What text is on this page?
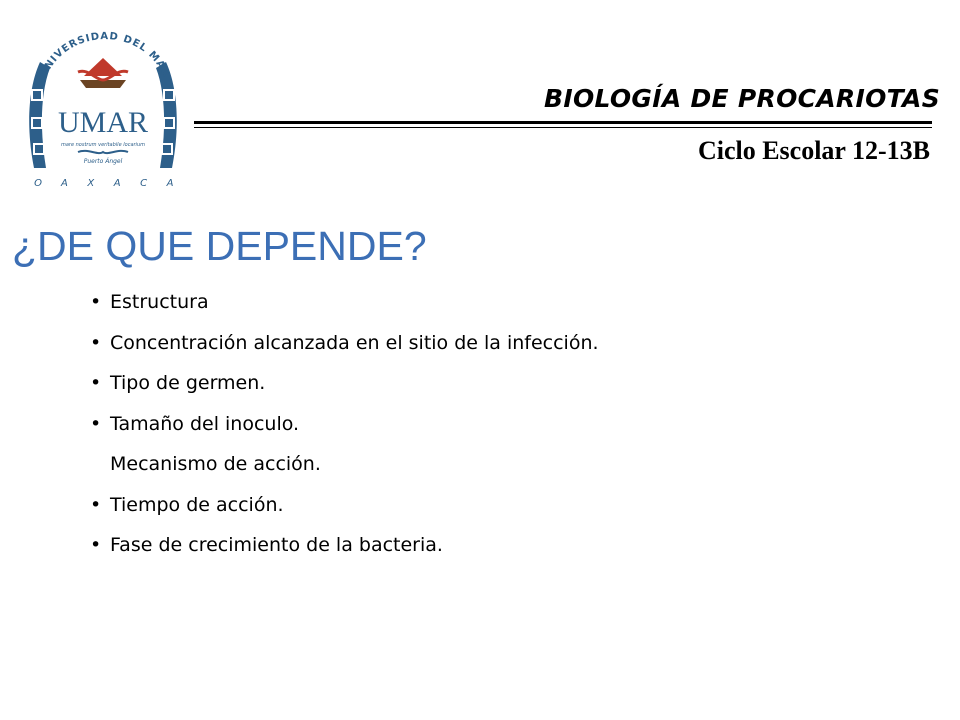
UNIVERSIDAD DEL MAR
UMAR
mare nostrum veritabile locarium
Puerto Ángel
O A X A C A
BIOLOGÍA DE PROCARIOTAS
Ciclo Escolar 12-13B
¿DE QUE DEPENDE?
• Estructura
• Concentración alcanzada en el sitio de la infección.
• Tipo de germen.
• Tamaño del inoculo.
Mecanismo de acción.
• Tiempo de acción.
• Fase de crecimiento de la bacteria.
